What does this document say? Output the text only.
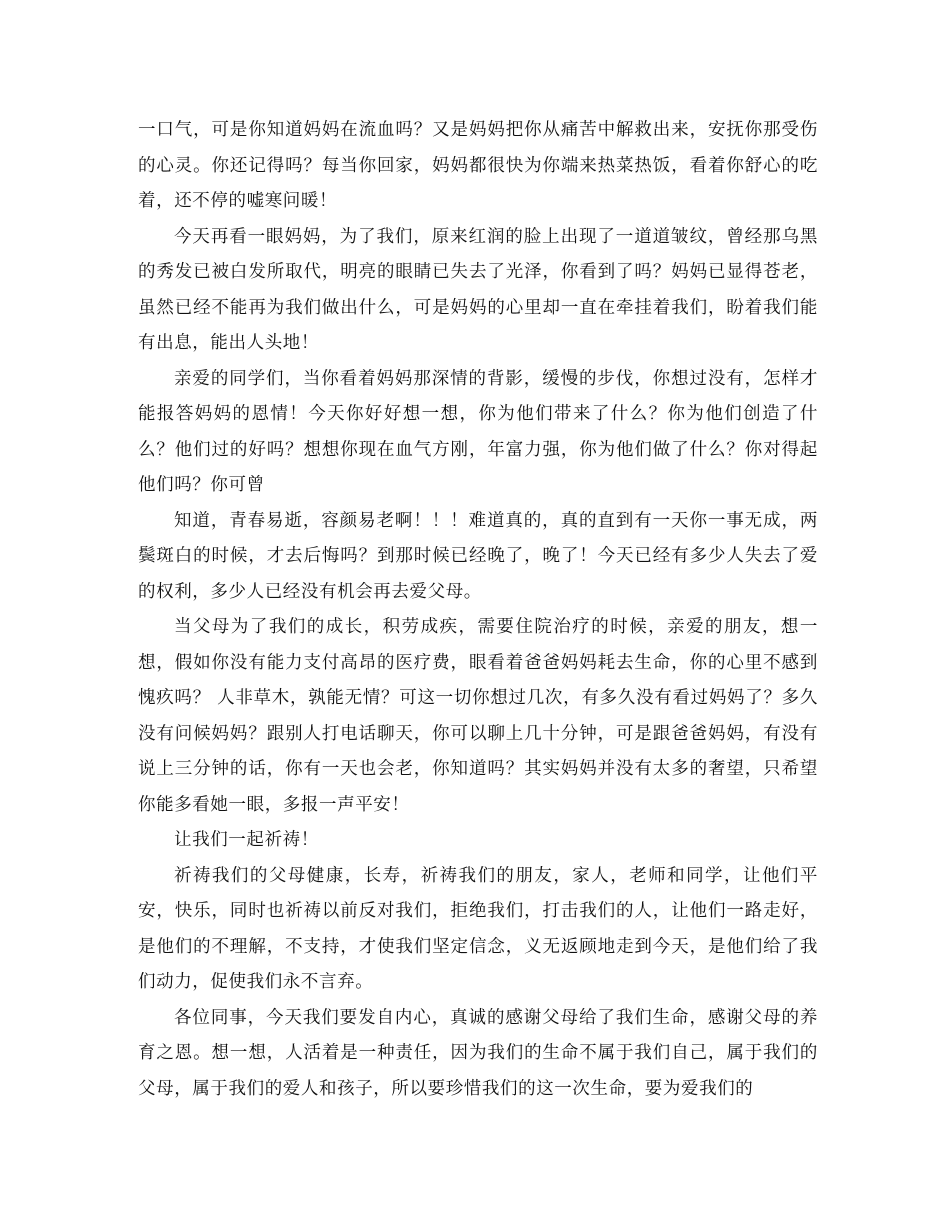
一口气，可是你知道妈妈在流血吗？又是妈妈把你从痛苦中解救出来，安抚你那受伤的心灵。你还记得吗？每当你回家，妈妈都很快为你端来热菜热饭，看着你舒心的吃着，还不停的嘘寒问暖！

今天再看一眼妈妈，为了我们，原来红润的脸上出现了一道道皱纹，曾经那乌黑的秀发已被白发所取代，明亮的眼睛已失去了光泽，你看到了吗？妈妈已显得苍老，虽然已经不能再为我们做出什么，可是妈妈的心里却一直在牵挂着我们，盼着我们能有出息，能出人头地！

亲爱的同学们，当你看着妈妈那深情的背影，缓慢的步伐，你想过没有，怎样才能报答妈妈的恩情！今天你好好想一想，你为他们带来了什么？你为他们创造了什么？他们过的好吗？想想你现在血气方刚，年富力强，你为他们做了什么？你对得起他们吗？你可曾

知道，青春易逝，容颜易老啊！！！难道真的，真的直到有一天你一事无成，两鬓斑白的时候，才去后悔吗？到那时候已经晚了，晚了！今天已经有多少人失去了爱的权利，多少人已经没有机会再去爱父母。

当父母为了我们的成长，积劳成疾，需要住院治疗的时候，亲爱的朋友，想一想，假如你没有能力支付高昂的医疗费，眼看着爸爸妈妈耗去生命，你的心里不感到愧疚吗？ 人非草木，孰能无情？可这一切你想过几次，有多久没有看过妈妈了？多久没有问候妈妈？跟别人打电话聊天，你可以聊上几十分钟，可是跟爸爸妈妈，有没有说上三分钟的话，你有一天也会老，你知道吗？其实妈妈并没有太多的奢望，只希望你能多看她一眼，多报一声平安！

让我们一起祈祷！

祈祷我们的父母健康，长寿，祈祷我们的朋友，家人，老师和同学，让他们平安，快乐，同时也祈祷以前反对我们，拒绝我们，打击我们的人，让他们一路走好，是他们的不理解，不支持，才使我们坚定信念，义无返顾地走到今天，是他们给了我们动力，促使我们永不言弃。

各位同事，今天我们要发自内心，真诚的感谢父母给了我们生命，感谢父母的养育之恩。想一想，人活着是一种责任，因为我们的生命不属于我们自己，属于我们的父母，属于我们的爱人和孩子，所以要珍惜我们的这一次生命，要为爱我们的
